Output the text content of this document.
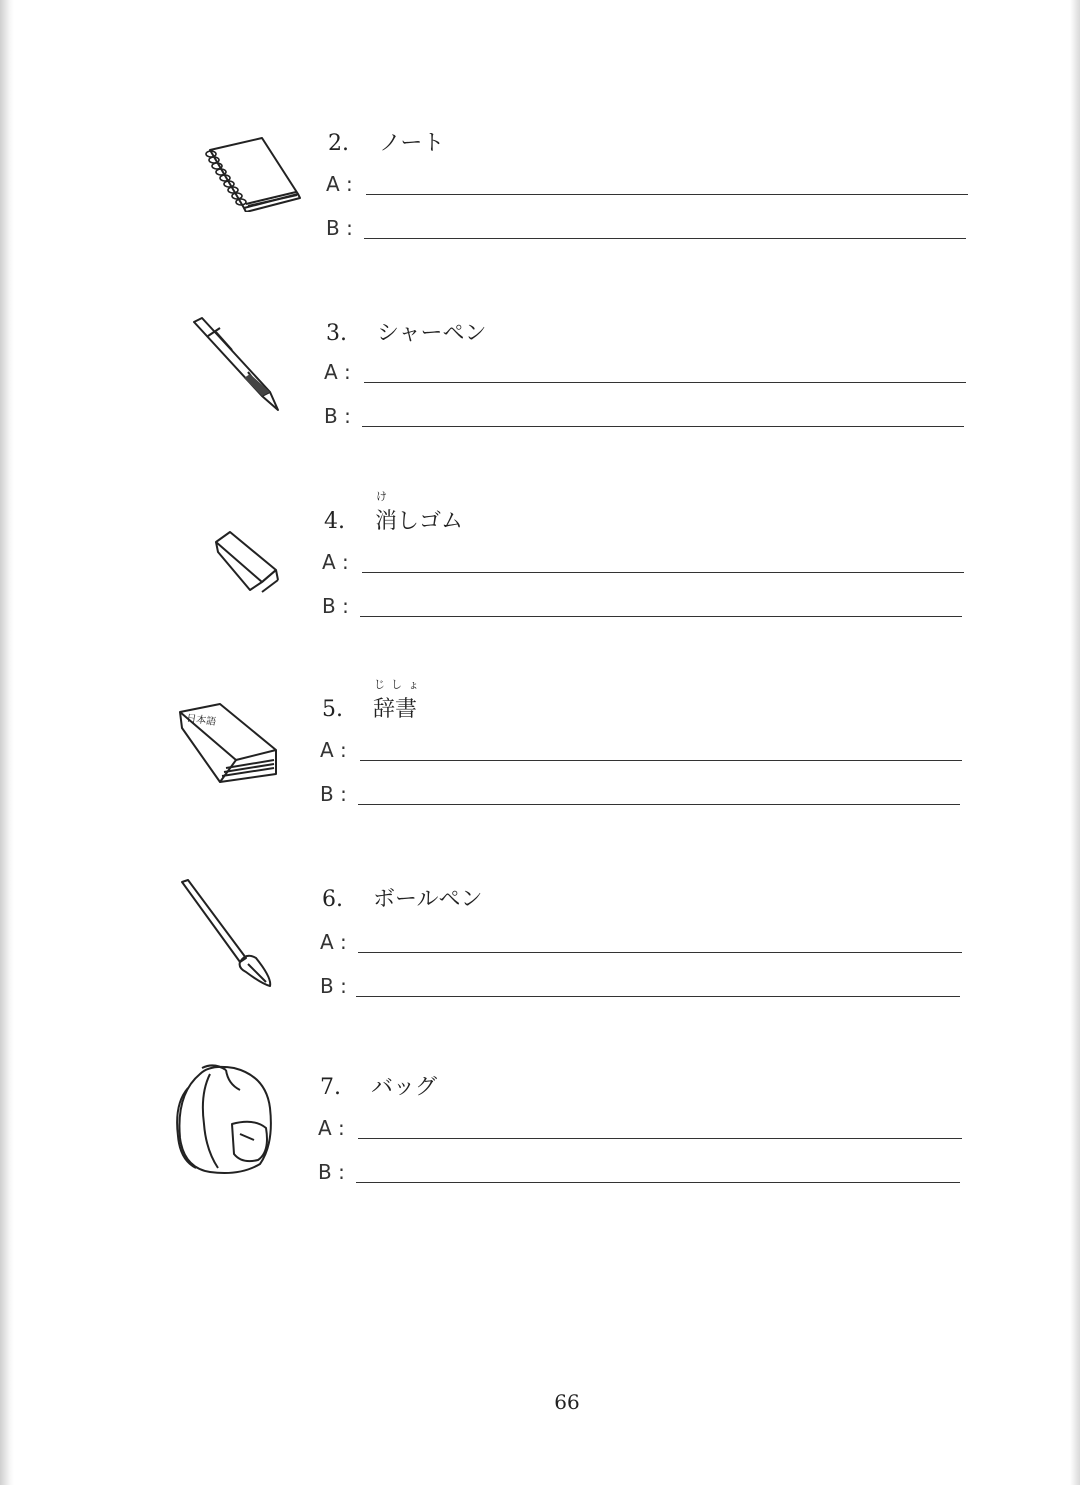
2. ノート
A :
B :
3. シャーペン
A :
B :
け
4. 消しゴム
A :
B :
日本語
じしょ
5. 辞書
A :
B :
6. ボールペン
A :
B :
7. バッグ
A :
B :
66
